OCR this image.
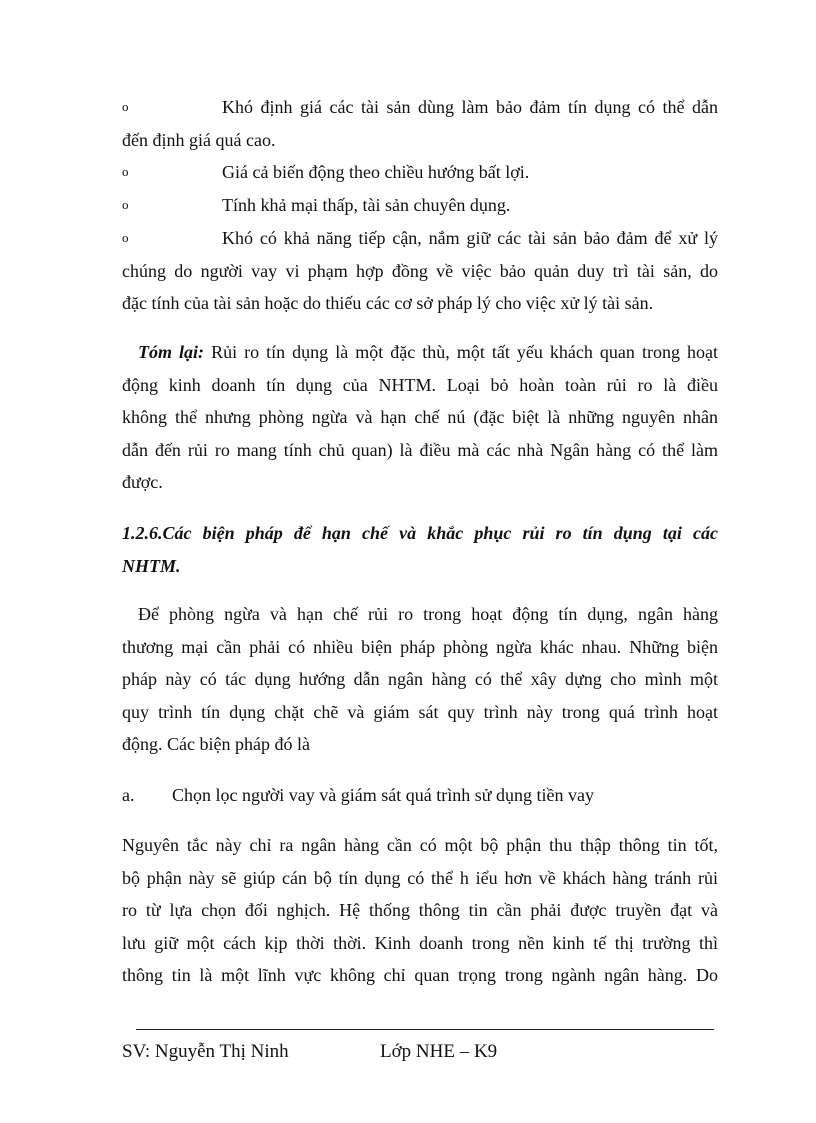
o	Khó định giá các tài sản dùng làm bảo đảm tín dụng có thể dẫn
đến định giá quá cao.
o	Giá cả biến động theo chiều hướng bất lợi.
o	Tính khả mại thấp, tài sản chuyên dụng.
o	Khó có khả năng tiếp cận, nắm giữ các tài sản bảo đảm để xử lý
chúng do người vay vi phạm hợp đồng về việc bảo quản duy trì tài sản, do
đặc tính của tài sản hoặc do thiếu các cơ sở pháp lý cho việc xử lý tài sản.
Tóm lại: Rủi ro tín dụng là một đặc thù, một tất yếu khách quan trong hoạt
động kinh doanh tín dụng của NHTM. Loại bỏ hoàn toàn rủi ro là điều
không thể nhưng phòng ngừa và hạn chế nú (đặc biệt là những nguyên nhân
dẫn đến rủi ro mang tính chủ quan) là điều mà các nhà Ngân hàng có thể làm
được.
1.2.6.Các biện pháp để hạn chế và khắc phục rủi ro tín dụng tại các
NHTM.
Để phòng ngừa và hạn chế rủi ro trong hoạt động tín dụng, ngân hàng
thương mại cần phải có nhiều biện pháp phòng ngừa khác nhau. Những biện
pháp này có tác dụng hướng dẫn ngân hàng có thể xây dựng cho mình một
quy trình tín dụng chặt chẽ và giám sát quy trình này trong quá trình hoạt
động. Các biện pháp đó là
a. Chọn lọc người vay và giám sát quá trình sử dụng tiền vay
Nguyên tắc này chỉ ra ngân hàng cần có một bộ phận thu thập thông tin tốt,
bộ phận này sẽ giúp cán bộ tín dụng có thể h iểu hơn về khách hàng tránh rủi
ro từ lựa chọn đối nghịch. Hệ thống thông tin cần phải được truyền đạt và
lưu giữ một cách kịp thời thời. Kinh doanh trong nền kinh tế thị trường thì
thông tin là một lĩnh vực không chỉ quan trọng trong ngành ngân hàng. Do
SV: Nguyễn Thị Ninh	Lớp NHE – K9
